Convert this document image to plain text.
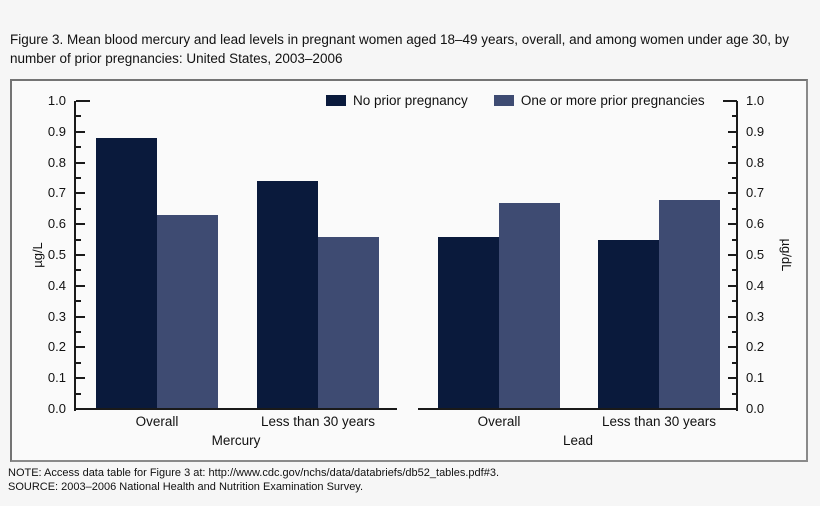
Figure 3. Mean blood mercury and lead levels in pregnant women aged 18–49 years, overall, and among women under age 30, by number of prior pregnancies: United States, 2003–2006
No prior pregnancy	One or more prior pregnancies
µg/L	µg/dL
0.0	0.0
0.1	0.1
0.2	0.2
0.3	0.3
0.4	0.4
0.5	0.5
0.6	0.6
0.7	0.7
0.8	0.8
0.9	0.9
1.0	1.0
Overall	Less than 30 years	Overall	Less than 30 years
Mercury	Lead
NOTE: Access data table for Figure 3 at: http://www.cdc.gov/nchs/data/databriefs/db52_tables.pdf#3.
SOURCE: 2003–2006 National Health and Nutrition Examination Survey.
